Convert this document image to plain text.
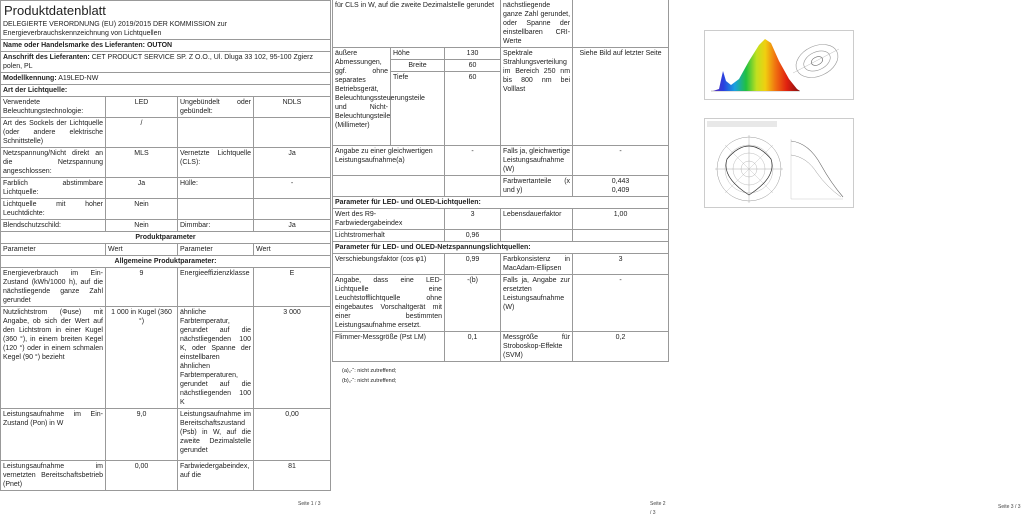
Produktdatenblatt			
DELEGIERTE VERORDNUNG (EU) 2019/2015 DER KOMMISSION zur Energieverbrauchskennzeichnung von Lichtquellen			
Name oder Handelsmarke des Lieferanten: OUTON			
Anschrift des Lieferanten: CET PRODUCT SERVICE SP. Z O.O., Ul. Dluga 33 102, 95-100 Zgierz polen, PL			
Modellkennung: A19LED-NW			
Art der Lichtquelle:			
Verwendete Beleuchtungstechnologie:	LED	Ungebündelt oder gebündelt:	NDLS
Art des Sockels der Lichtquelle (oder andere elektrische Schnittstelle)	/		
Netzspannung/Nicht direkt an die Netzspannung angeschlossen:	MLS	Vernetzte Lichtquelle (CLS):	Ja
Farblich abstimmbare Lichtquelle:	Ja	Hülle:	-
Lichtquelle mit hoher Leuchtdichte:	Nein		
Blendschutzschild:	Nein	Dimmbar:	Ja
Produktparameter			
Parameter	Wert	Parameter	Wert
Allgemeine Produktparameter:			
Energieverbrauch im Ein-Zustand (kWh/1000 h), auf die nächstliegende ganze Zahl gerundet	9	Energieeffizienzklasse	E
Nutzlichtstrom (Φuse) mit Angabe, ob sich der Wert auf den Lichtstrom in einer Kugel (360 °), in einem breiten Kegel (120 °) oder in einem schmalen Kegel (90 °) bezieht	1 000 in Kugel (360 °)	ähnliche Farbtemperatur, gerundet auf die nächstliegenden 100 K, oder Spanne der einstellbaren ähnlichen Farbtemperaturen, gerundet auf die nächstliegenden 100 K	3 000
Leistungsaufnahme im Ein-Zustand (Pon) in W	9,0	Leistungsaufnahme im Bereitschaftszustand (Psb) in W, auf die zweite Dezimalstelle gerundet	0,00
Leistungsaufnahme im vernetzten Bereitschaftsbetrieb (Pnet)	0,00	Farbwiedergabeindex, auf die	81
Seite 1 / 3
für CLS in W, auf die zweite Dezimalstelle gerundet			nächstliegende ganze Zahl gerundet, oder Spanne der einstellbaren CRI-Werte	
äußere Abmessungen, ggf. ohne separates Betriebsgerät, Beleuchtungssteuerungsteile und Nicht-Beleuchtungsteile (Millimeter)	Höhe	130	Spektrale Strahlungsverteilung im Bereich 250 nm bis 800 nm bei Volllast	Siehe Bild auf letzter Seite
	Breite	60		
	Tiefe	60		
Angabe zu einer gleichwertigen Leistungsaufnahme(a)		-	Falls ja, gleichwertige Leistungsaufnahme (W)	-
			Farbwertanteile (x und y)	0,443
0,409
Parameter für LED- und OLED-Lichtquellen:				
Wert des R9-Farbwiedergabeindex		3	Lebensdauerfaktor	1,00
Lichtstromerhalt		0,96		
Parameter für LED- und OLED-Netzspannungslichtquellen:				
Verschiebungsfaktor (cos φ1)		0,99	Farbkonsistenz in MacAdam-Ellipsen	3
Angabe, dass eine LED-Lichtquelle eine Leuchtstofflichtquelle ohne eingebautes Vorschaltgerät mit einer bestimmten Leistungsaufnahme ersetzt.		-(b)	Falls ja, Angabe zur ersetzten Leistungsaufnahme (W)	-
Flimmer-Messgröße (Pst LM)		0,1	Messgröße für Stroboskop-Effekte (SVM)	0,2
(a)„-“: nicht zutreffend;
(b)„-“: nicht zutreffend;
Seite 2 / 3
Seite 3 / 3
